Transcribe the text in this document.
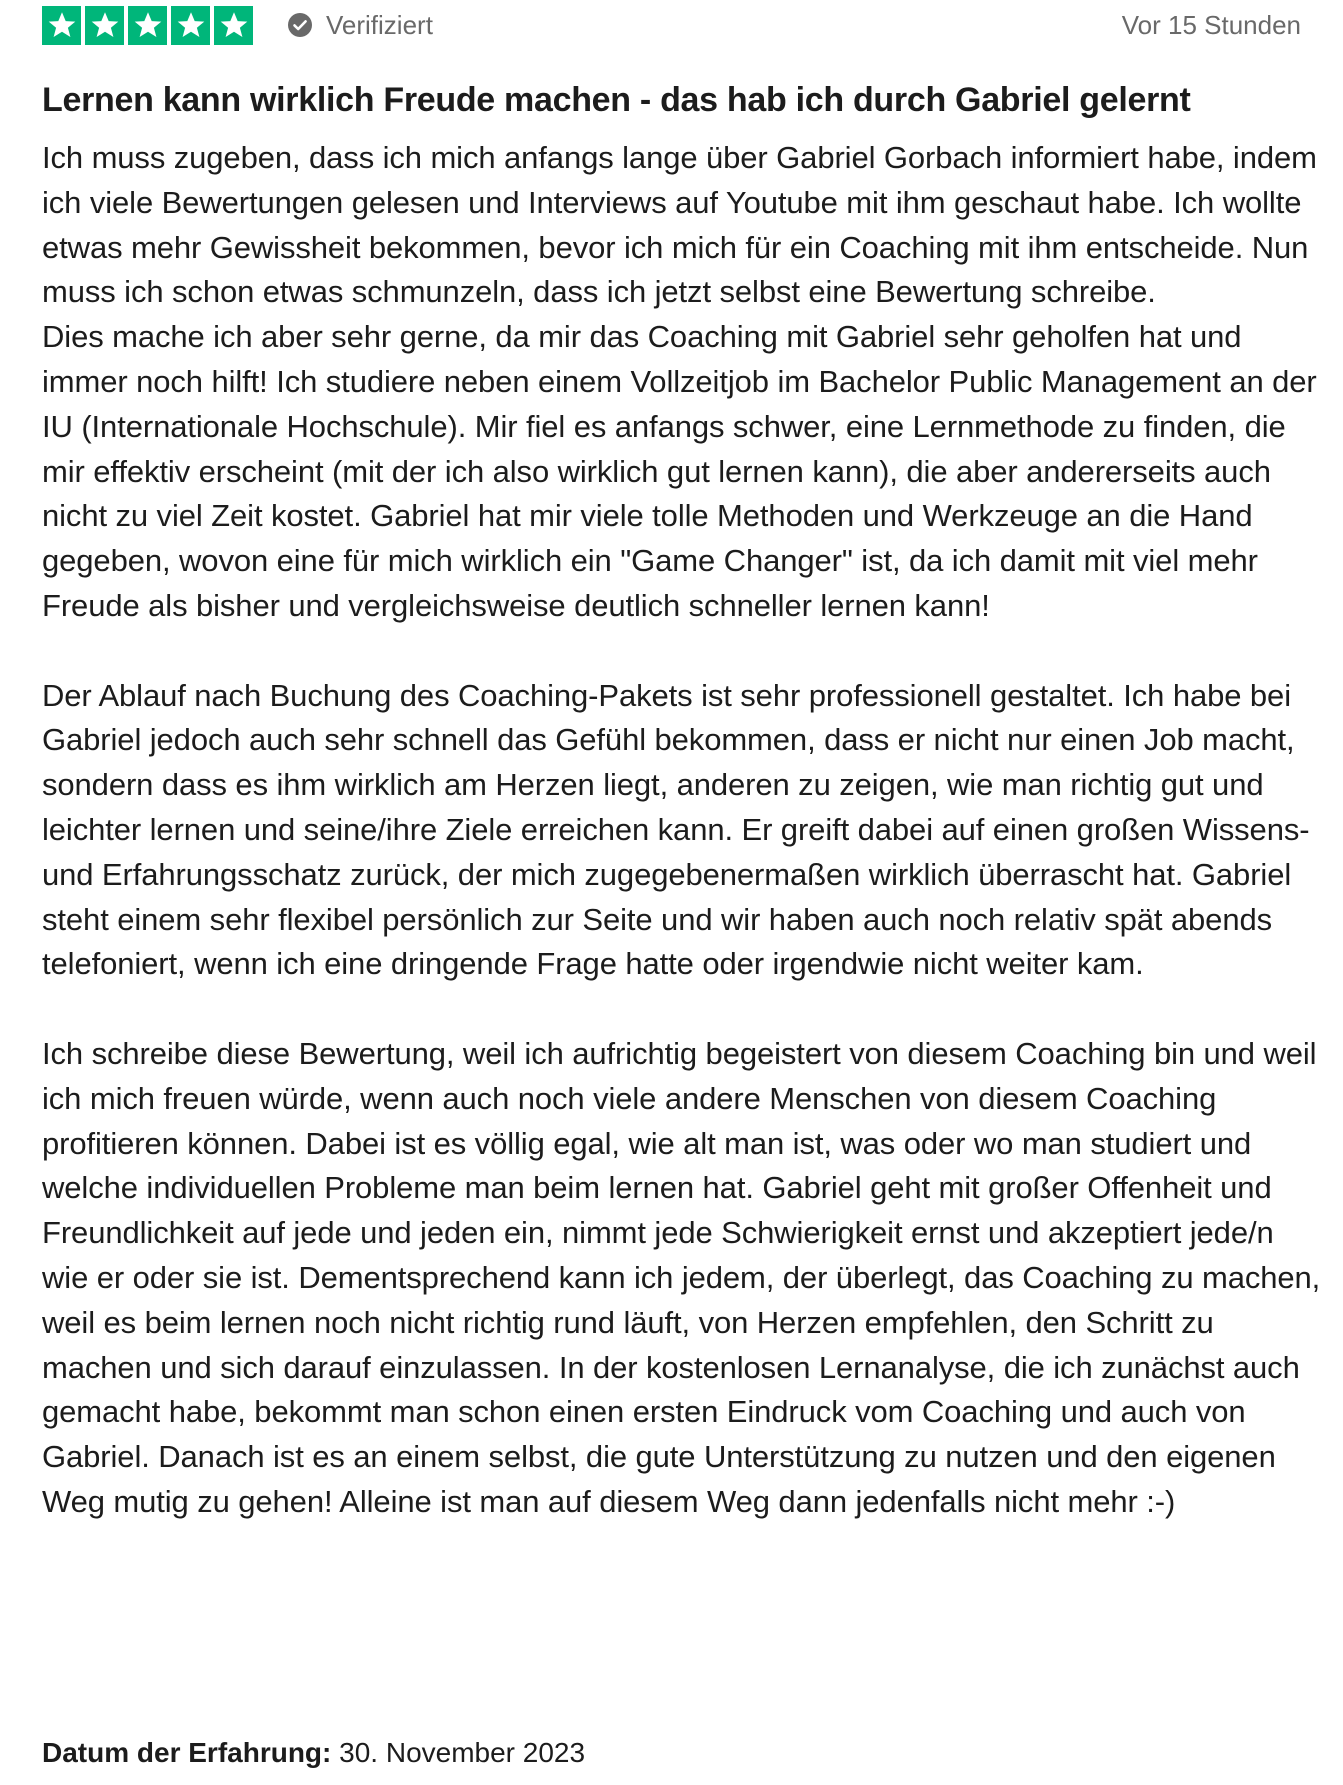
Verifiziert	Vor 15 Stunden
Lernen kann wirklich Freude machen - das hab ich durch Gabriel gelernt

Ich muss zugeben, dass ich mich anfangs lange über Gabriel Gorbach informiert habe, indem ich viele Bewertungen gelesen und Interviews auf Youtube mit ihm geschaut habe. Ich wollte etwas mehr Gewissheit bekommen, bevor ich mich für ein Coaching mit ihm entscheide. Nun muss ich schon etwas schmunzeln, dass ich jetzt selbst eine Bewertung schreibe.
Dies mache ich aber sehr gerne, da mir das Coaching mit Gabriel sehr geholfen hat und immer noch hilft! Ich studiere neben einem Vollzeitjob im Bachelor Public Management an der IU (Internationale Hochschule). Mir fiel es anfangs schwer, eine Lernmethode zu finden, die mir effektiv erscheint (mit der ich also wirklich gut lernen kann), die aber andererseits auch nicht zu viel Zeit kostet. Gabriel hat mir viele tolle Methoden und Werkzeuge an die Hand gegeben, wovon eine für mich wirklich ein "Game Changer" ist, da ich damit mit viel mehr Freude als bisher und vergleichsweise deutlich schneller lernen kann!

Der Ablauf nach Buchung des Coaching-Pakets ist sehr professionell gestaltet. Ich habe bei Gabriel jedoch auch sehr schnell das Gefühl bekommen, dass er nicht nur einen Job macht, sondern dass es ihm wirklich am Herzen liegt, anderen zu zeigen, wie man richtig gut und leichter lernen und seine/ihre Ziele erreichen kann. Er greift dabei auf einen großen Wissens- und Erfahrungsschatz zurück, der mich zugegebenermaßen wirklich überrascht hat. Gabriel steht einem sehr flexibel persönlich zur Seite und wir haben auch noch relativ spät abends telefoniert, wenn ich eine dringende Frage hatte oder irgendwie nicht weiter kam.

Ich schreibe diese Bewertung, weil ich aufrichtig begeistert von diesem Coaching bin und weil ich mich freuen würde, wenn auch noch viele andere Menschen von diesem Coaching profitieren können. Dabei ist es völlig egal, wie alt man ist, was oder wo man studiert und welche individuellen Probleme man beim lernen hat. Gabriel geht mit großer Offenheit und Freundlichkeit auf jede und jeden ein, nimmt jede Schwierigkeit ernst und akzeptiert jede/n wie er oder sie ist. Dementsprechend kann ich jedem, der überlegt, das Coaching zu machen, weil es beim lernen noch nicht richtig rund läuft, von Herzen empfehlen, den Schritt zu machen und sich darauf einzulassen. In der kostenlosen Lernanalyse, die ich zunächst auch gemacht habe, bekommt man schon einen ersten Eindruck vom Coaching und auch von Gabriel. Danach ist es an einem selbst, die gute Unterstützung zu nutzen und den eigenen Weg mutig zu gehen! Alleine ist man auf diesem Weg dann jedenfalls nicht mehr :-)

Datum der Erfahrung: 30. November 2023
